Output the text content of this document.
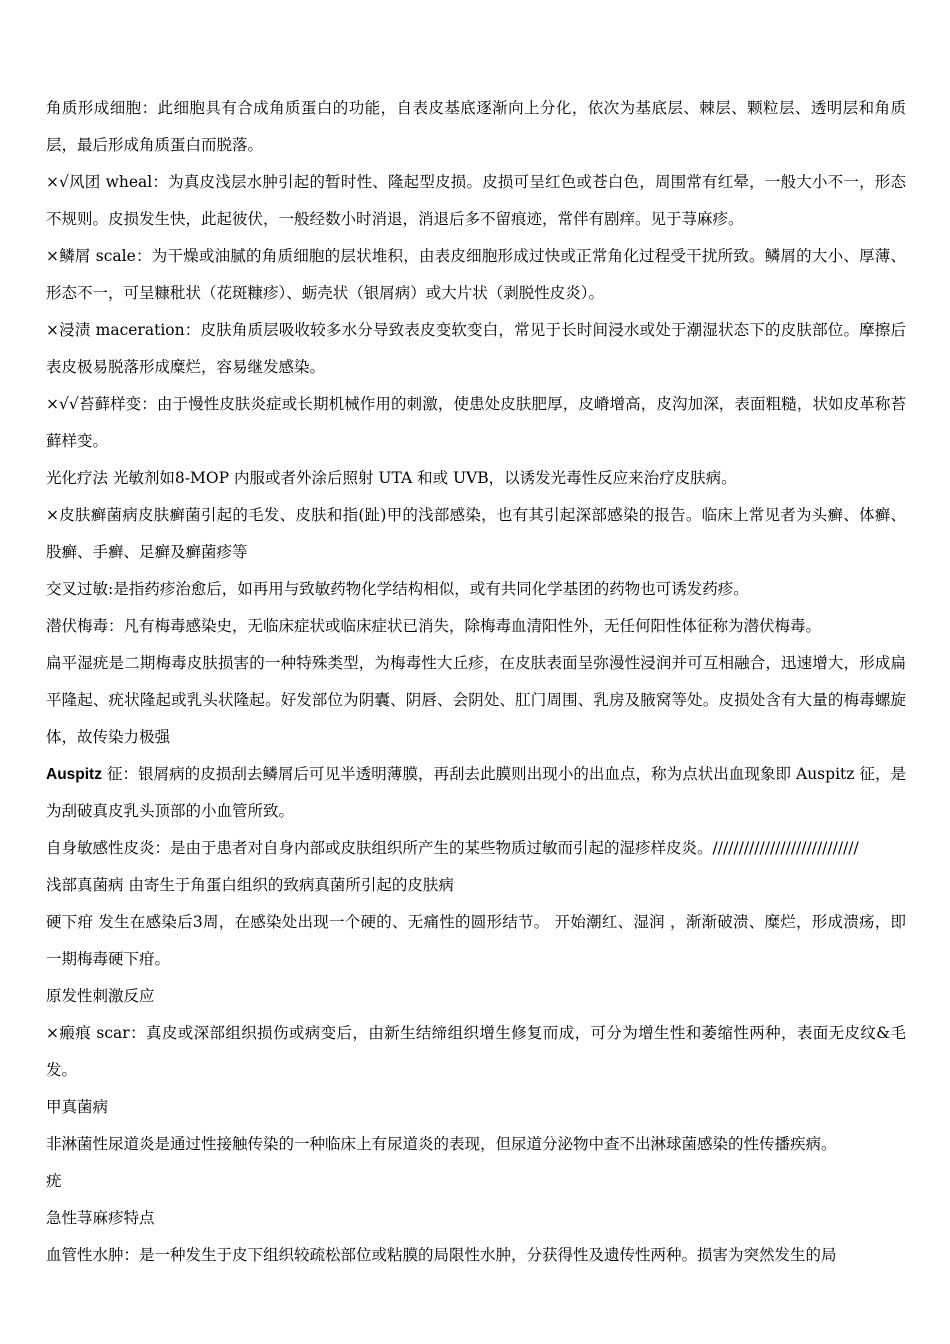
角质形成细胞：此细胞具有合成角质蛋白的功能，自表皮基底逐渐向上分化，依次为基底层、棘层、颗粒层、透明层和角质层，最后形成角质蛋白而脱落。

×√风团 wheal：为真皮浅层水肿引起的暂时性、隆起型皮损。皮损可呈红色或苍白色，周围常有红晕，一般大小不一，形态不规则。皮损发生快，此起彼伏，一般经数小时消退，消退后多不留痕迹，常伴有剧痒。见于荨麻疹。

×鳞屑 scale：为干燥或油腻的角质细胞的层状堆积，由表皮细胞形成过快或正常角化过程受干扰所致。鳞屑的大小、厚薄、形态不一，可呈糠秕状（花斑糠疹）、蛎壳状（银屑病）或大片状（剥脱性皮炎）。

×浸渍 maceration：皮肤角质层吸收较多水分导致表皮变软变白，常见于长时间浸水或处于潮湿状态下的皮肤部位。摩擦后表皮极易脱落形成糜烂，容易继发感染。

×√√苔藓样变：由于慢性皮肤炎症或长期机械作用的刺激，使患处皮肤肥厚，皮嵴增高，皮沟加深，表面粗糙，状如皮革称苔藓样变。

光化疗法 光敏剂如8-MOP 内服或者外涂后照射 UTA 和或 UVB，以诱发光毒性反应来治疗皮肤病。

×皮肤癣菌病皮肤癣菌引起的毛发、皮肤和指(趾)甲的浅部感染，也有其引起深部感染的报告。临床上常见者为头癣、体癣、股癣、手癣、足癣及癣菌疹等

交叉过敏:是指药疹治愈后，如再用与致敏药物化学结构相似，或有共同化学基团的药物也可诱发药疹。

潜伏梅毒：凡有梅毒感染史，无临床症状或临床症状已消失，除梅毒血清阳性外，无任何阳性体征称为潜伏梅毒。

扁平湿疣是二期梅毒皮肤损害的一种特殊类型，为梅毒性大丘疹，在皮肤表面呈弥漫性浸润并可互相融合，迅速增大，形成扁平隆起、疣状隆起或乳头状隆起。好发部位为阴囊、阴唇、会阴处、肛门周围、乳房及腋窝等处。皮损处含有大量的梅毒螺旋体，故传染力极强

Auspitz 征：银屑病的皮损刮去鳞屑后可见半透明薄膜，再刮去此膜则出现小的出血点，称为点状出血现象即 Auspitz 征，是为刮破真皮乳头顶部的小血管所致。

自身敏感性皮炎：是由于患者对自身内部或皮肤组织所产生的某些物质过敏而引起的湿疹样皮炎。////////////////////////////

浅部真菌病 由寄生于角蛋白组织的致病真菌所引起的皮肤病

硬下疳 发生在感染后3周，在感染处出现一个硬的、无痛性的圆形结节。 开始潮红、湿润 ，渐渐破溃、糜烂，形成溃疡，即一期梅毒硬下疳。

原发性刺激反应

×瘢痕 scar：真皮或深部组织损伤或病变后，由新生结缔组织增生修复而成，可分为增生性和萎缩性两种，表面无皮纹&毛发。

甲真菌病

非淋菌性尿道炎是通过性接触传染的一种临床上有尿道炎的表现，但尿道分泌物中查不出淋球菌感染的性传播疾病。

疣

急性荨麻疹特点

血管性水肿：是一种发生于皮下组织较疏松部位或粘膜的局限性水肿，分获得性及遗传性两种。损害为突然发生的局
